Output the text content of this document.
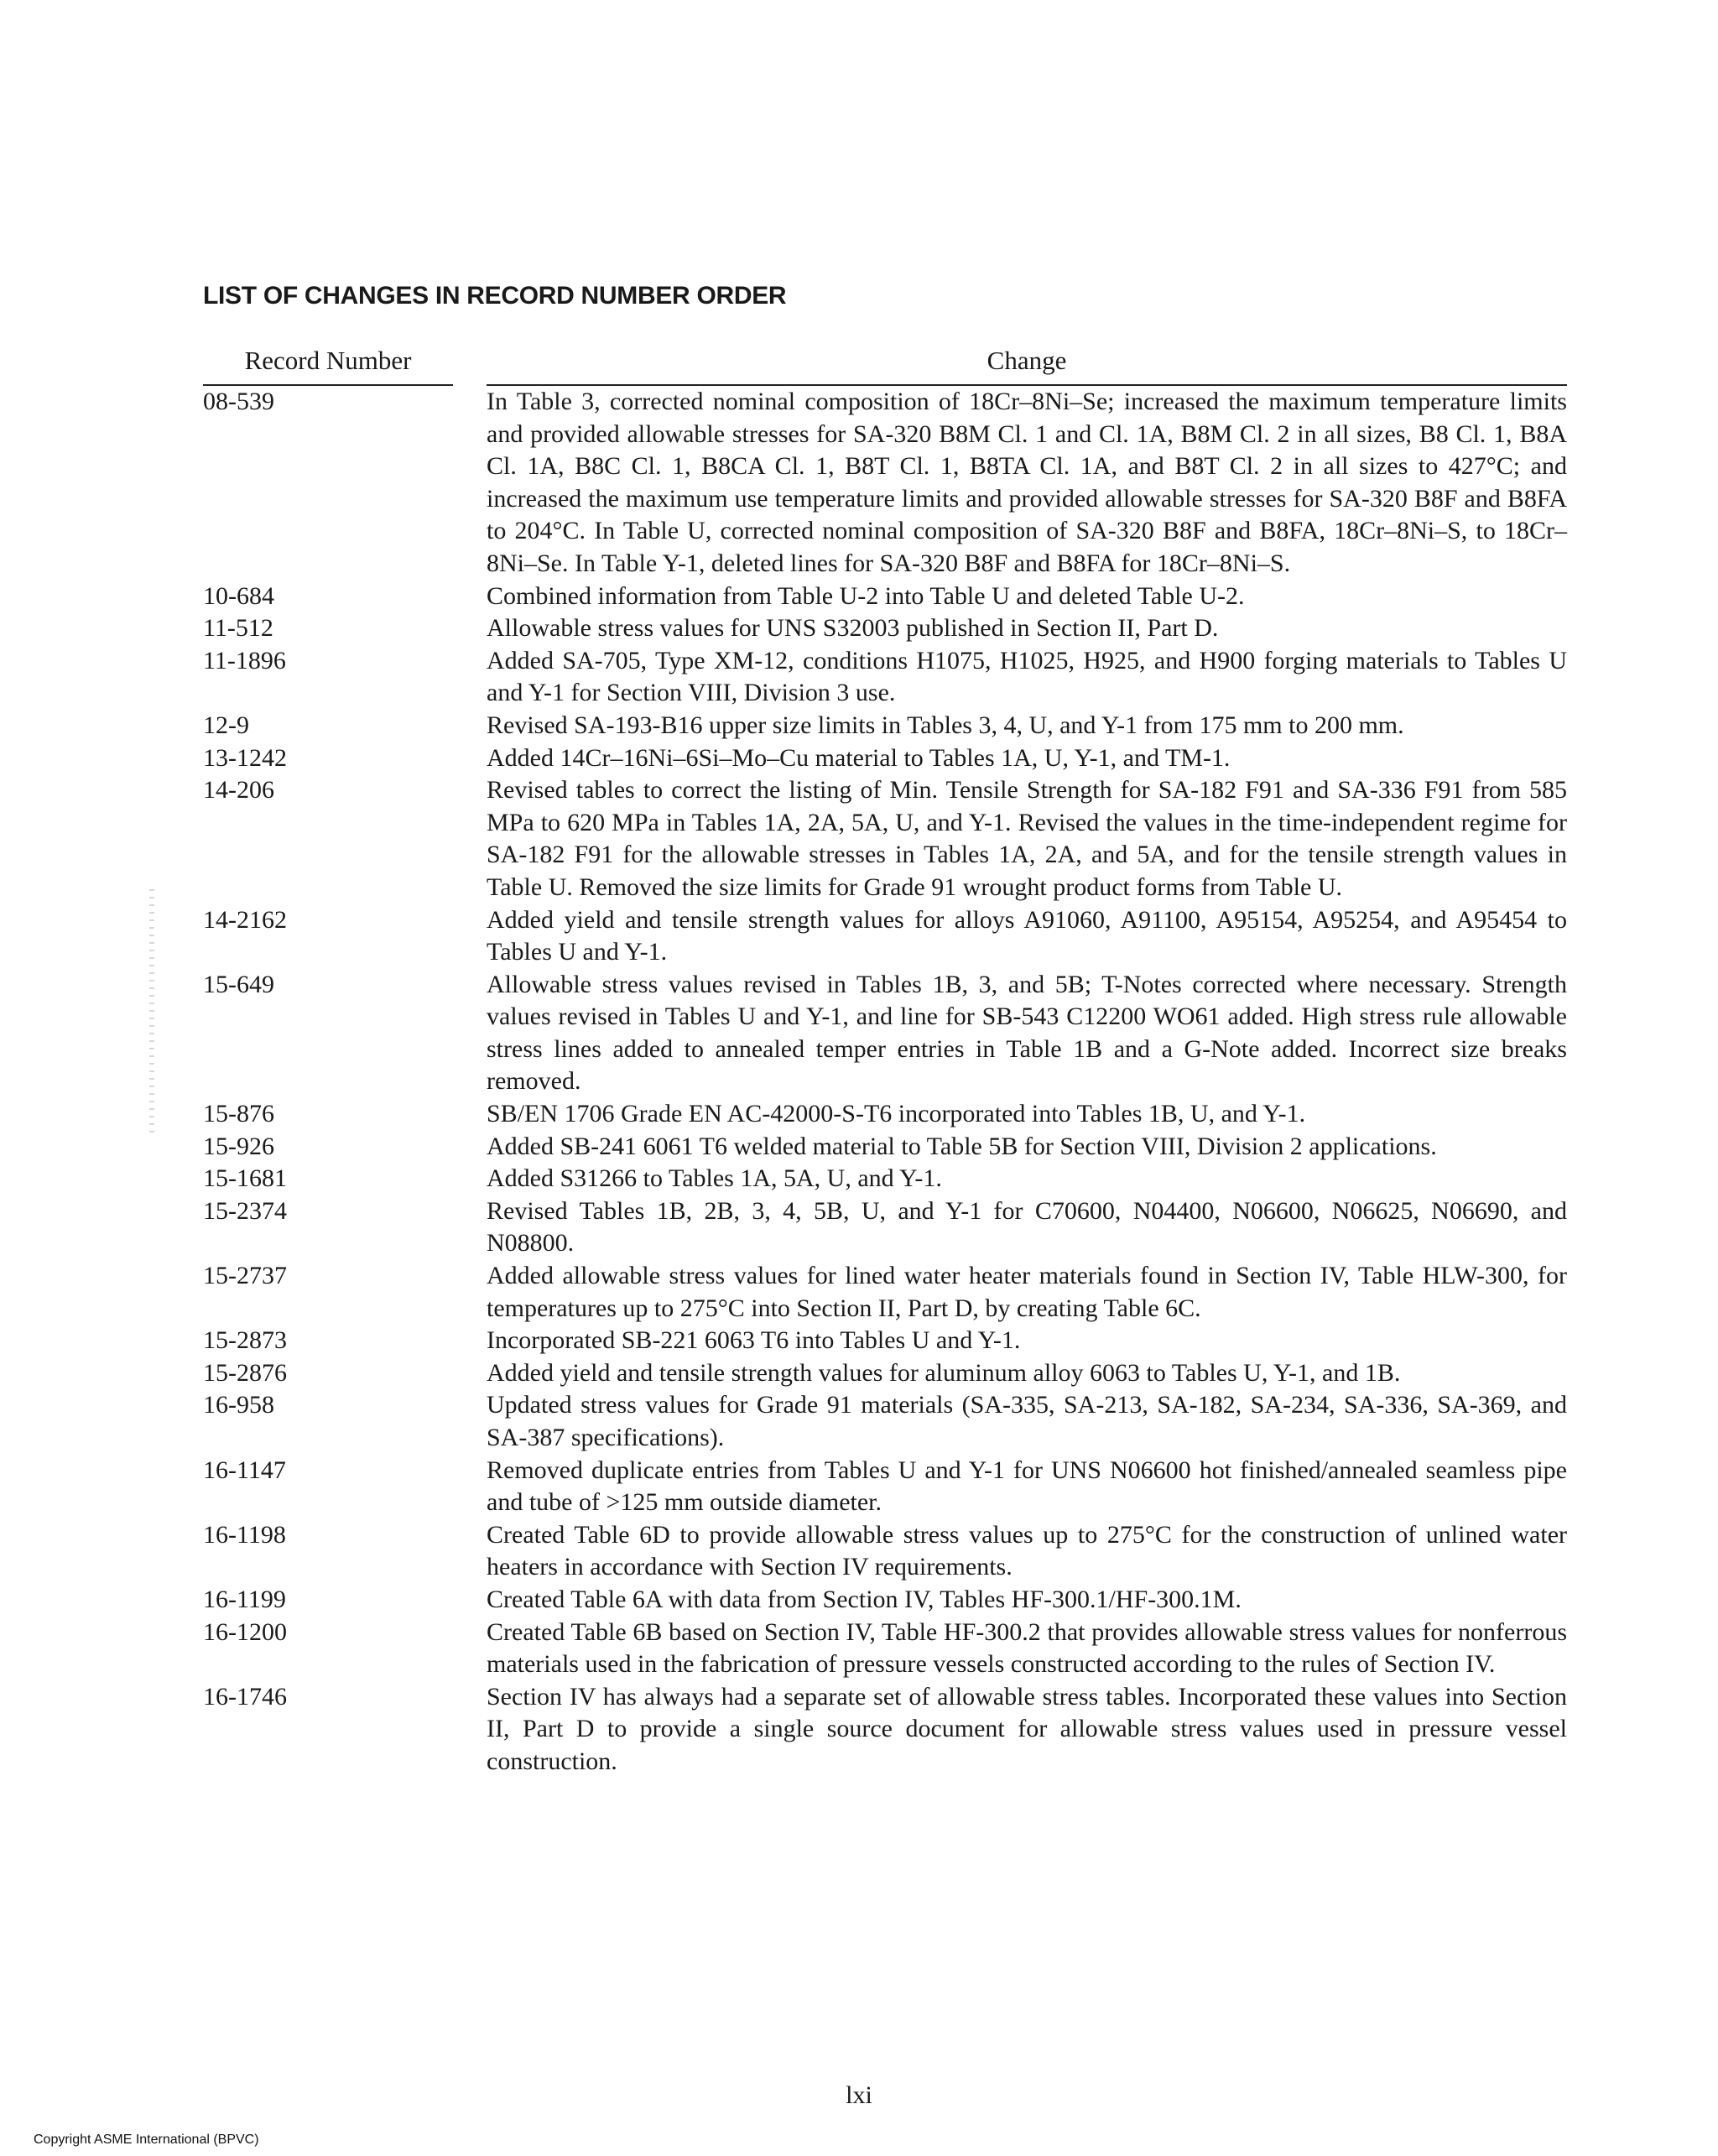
LIST OF CHANGES IN RECORD NUMBER ORDER
Record Number	Change
08-539	In Table 3, corrected nominal composition of 18Cr–8Ni–Se; increased the maximum temperature limits and provided allowable stresses for SA-320 B8M Cl. 1 and Cl. 1A, B8M Cl. 2 in all sizes, B8 Cl. 1, B8A Cl. 1A, B8C Cl. 1, B8CA Cl. 1, B8T Cl. 1, B8TA Cl. 1A, and B8T Cl. 2 in all sizes to 427°C; and increased the maximum use temperature limits and provided allowable stresses for SA-320 B8F and B8FA to 204°C. In Table U, corrected nominal composition of SA-320 B8F and B8FA, 18Cr–8Ni–S, to 18Cr–8Ni–Se. In Table Y-1, deleted lines for SA-320 B8F and B8FA for 18Cr–8Ni–S.
10-684	Combined information from Table U-2 into Table U and deleted Table U-2.
11-512	Allowable stress values for UNS S32003 published in Section II, Part D.
11-1896	Added SA-705, Type XM-12, conditions H1075, H1025, H925, and H900 forging materials to Tables U and Y-1 for Section VIII, Division 3 use.
12-9	Revised SA-193-B16 upper size limits in Tables 3, 4, U, and Y-1 from 175 mm to 200 mm.
13-1242	Added 14Cr–16Ni–6Si–Mo–Cu material to Tables 1A, U, Y-1, and TM-1.
14-206	Revised tables to correct the listing of Min. Tensile Strength for SA-182 F91 and SA-336 F91 from 585 MPa to 620 MPa in Tables 1A, 2A, 5A, U, and Y-1. Revised the values in the time-independent regime for SA-182 F91 for the allowable stresses in Tables 1A, 2A, and 5A, and for the tensile strength values in Table U. Removed the size limits for Grade 91 wrought product forms from Table U.
14-2162	Added yield and tensile strength values for alloys A91060, A91100, A95154, A95254, and A95454 to Tables U and Y-1.
15-649	Allowable stress values revised in Tables 1B, 3, and 5B; T-Notes corrected where necessary. Strength values revised in Tables U and Y-1, and line for SB-543 C12200 WO61 added. High stress rule allowable stress lines added to annealed temper entries in Table 1B and a G-Note added. Incorrect size breaks removed.
15-876	SB/EN 1706 Grade EN AC-42000-S-T6 incorporated into Tables 1B, U, and Y-1.
15-926	Added SB-241 6061 T6 welded material to Table 5B for Section VIII, Division 2 applications.
15-1681	Added S31266 to Tables 1A, 5A, U, and Y-1.
15-2374	Revised Tables 1B, 2B, 3, 4, 5B, U, and Y-1 for C70600, N04400, N06600, N06625, N06690, and N08800.
15-2737	Added allowable stress values for lined water heater materials found in Section IV, Table HLW-300, for temperatures up to 275°C into Section II, Part D, by creating Table 6C.
15-2873	Incorporated SB-221 6063 T6 into Tables U and Y-1.
15-2876	Added yield and tensile strength values for aluminum alloy 6063 to Tables U, Y-1, and 1B.
16-958	Updated stress values for Grade 91 materials (SA-335, SA-213, SA-182, SA-234, SA-336, SA-369, and SA-387 specifications).
16-1147	Removed duplicate entries from Tables U and Y-1 for UNS N06600 hot finished/annealed seamless pipe and tube of >125 mm outside diameter.
16-1198	Created Table 6D to provide allowable stress values up to 275°C for the construction of unlined water heaters in accordance with Section IV requirements.
16-1199	Created Table 6A with data from Section IV, Tables HF-300.1/HF-300.1M.
16-1200	Created Table 6B based on Section IV, Table HF-300.2 that provides allowable stress values for nonferrous materials used in the fabrication of pressure vessels constructed according to the rules of Section IV.
16-1746	Section IV has always had a separate set of allowable stress tables. Incorporated these values into Section II, Part D to provide a single source document for allowable stress values used in pressure vessel construction.
lxi
Copyright ASME International (BPVC)
